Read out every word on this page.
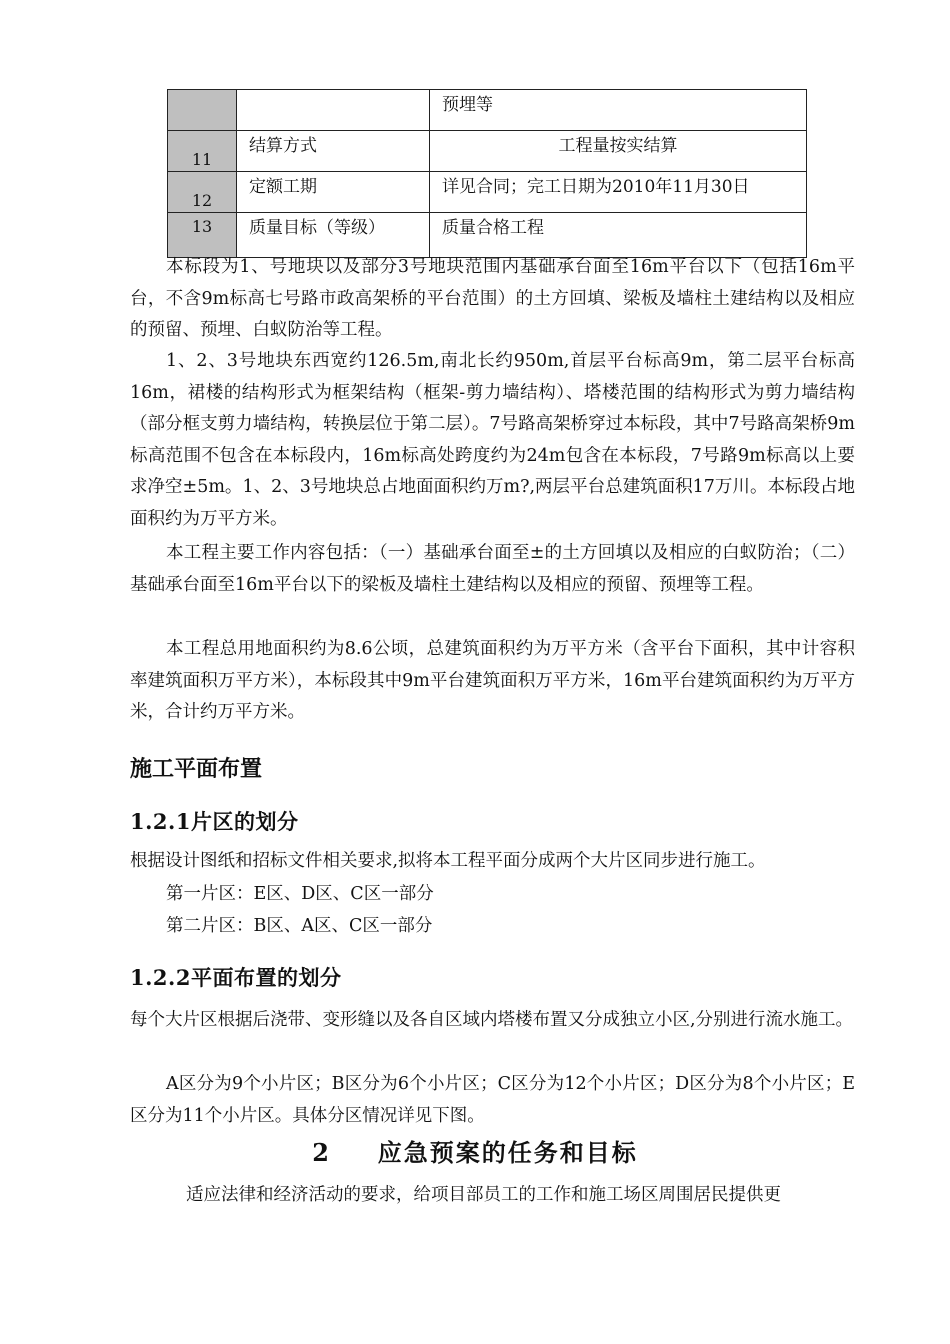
		预埋等
11	结算方式	工程量按实结算
12	定额工期	详见合同；完工日期为2010年11月30日
13	质量目标（等级）	质量合格工程

本标段为1、号地块以及部分3号地块范围内基础承台面至16m平台以下（包括16m平台，不含9m标高七号路市政高架桥的平台范围）的土方回填、梁板及墙柱土建结构以及相应的预留、预埋、白蚁防治等工程。

1、2、3号地块东西宽约126.5m,南北长约950m,首层平台标高9m，第二层平台标高16m，裙楼的结构形式为框架结构（框架-剪力墙结构）、塔楼范围的结构形式为剪力墙结构（部分框支剪力墙结构，转换层位于第二层）。7号路高架桥穿过本标段，其中7号路高架桥9m标高范围不包含在本标段内，16m标高处跨度约为24m包含在本标段，7号路9m标高以上要求净空±5m。1、2、3号地块总占地面面积约万m?,两层平台总建筑面积17万川。本标段占地面积约为万平方米。

本工程主要工作内容包括：（一）基础承台面至±的土方回填以及相应的白蚁防治；（二）基础承台面至16m平台以下的梁板及墙柱土建结构以及相应的预留、预埋等工程。

本工程总用地面积约为8.6公顷，总建筑面积约为万平方米（含平台下面积，其中计容积率建筑面积万平方米），本标段其中9m平台建筑面积万平方米，16m平台建筑面积约为万平方米，合计约万平方米。

施工平面布置
1.2.1片区的划分

根据设计图纸和招标文件相关要求,拟将本工程平面分成两个大片区同步进行施工。

第一片区：E区、D区、C区一部分

第二片区：B区、A区、C区一部分

1.2.2平面布置的划分

每个大片区根据后浇带、变形缝以及各自区域内塔楼布置又分成独立小区,分别进行流水施工。

A区分为9个小片区；B区分为6个小片区；C区分为12个小片区；D区分为8个小片区；E区分为11个小片区。具体分区情况详见下图。

2 应急预案的任务和目标

适应法律和经济活动的要求，给项目部员工的工作和施工场区周围居民提供更
